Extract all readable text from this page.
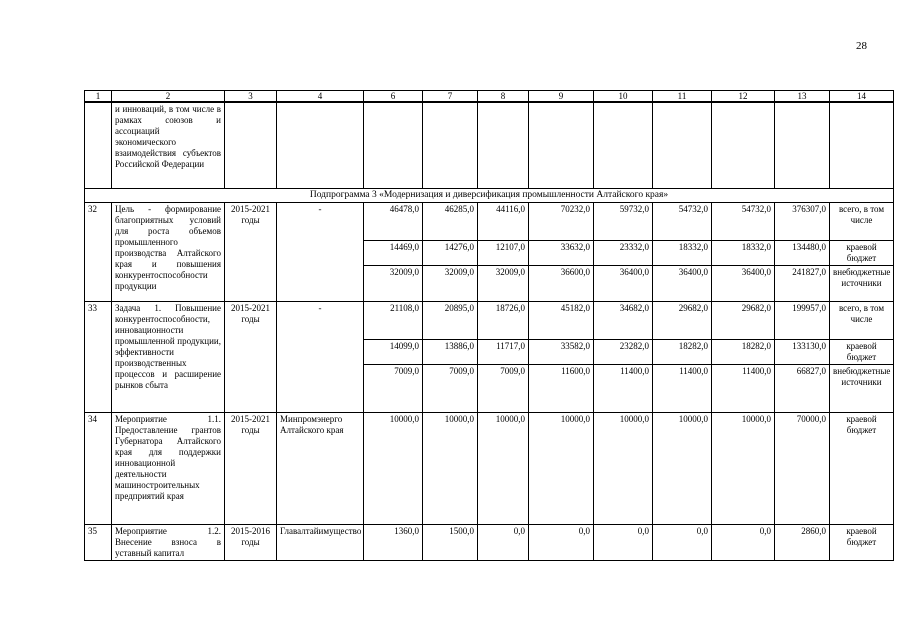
28
1	2	3	4	6	7	8	9	10	11	12	13	14
	и инноваций, в том числе в рамках союзов и ассоциаций экономического взаимодействия субъектов Российской Федерации											
Подпрограмма 3 «Модернизация и диверсификация промышленности Алтайского края»												
32	Цель - формирование благоприятных условий для роста объемов промышленного производства Алтайского края и повышения конкурентоспособности продукции	2015-2021 годы	-	46478,0	46285,0	44116,0	70232,0	59732,0	54732,0	54732,0	376307,0	всего, в том числе
				14469,0	14276,0	12107,0	33632,0	23332,0	18332,0	18332,0	134480,0	краевой бюджет
				32009,0	32009,0	32009,0	36600,0	36400,0	36400,0	36400,0	241827,0	внебюджетные источники
33	Задача 1. Повышение конкурентоспособности, инновационности промышленной продукции, эффективности производственных процессов и расширение рынков сбыта	2015-2021 годы	-	21108,0	20895,0	18726,0	45182,0	34682,0	29682,0	29682,0	199957,0	всего, в том числе
				14099,0	13886,0	11717,0	33582,0	23282,0	18282,0	18282,0	133130,0	краевой бюджет
				7009,0	7009,0	7009,0	11600,0	11400,0	11400,0	11400,0	66827,0	внебюджетные источники
34	Мероприятие 1.1. Предоставление грантов Губернатора Алтайского края для поддержки инновационной деятельности машиностроительных предприятий края	2015-2021 годы	Минпромэнерго Алтайского края	10000,0	10000,0	10000,0	10000,0	10000,0	10000,0	10000,0	70000,0	краевой бюджет
35	Мероприятие 1.2. Внесение взноса в уставный капитал	2015-2016 годы	Главалтайимущество	1360,0	1500,0	0,0	0,0	0,0	0,0	0,0	2860,0	краевой бюджет
